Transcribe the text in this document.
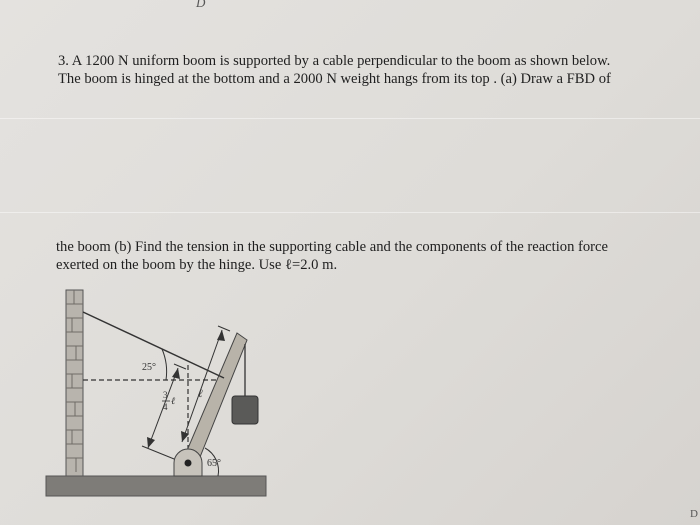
D
D

3. A 1200 N uniform boom is supported by a cable perpendicular to the boom as shown below.

The boom is hinged at the bottom and a 2000 N weight hangs from its top . (a) Draw a FBD of

the boom (b) Find the tension in the supporting cable and the components of the reaction force

exerted on the boom by the hinge. Use ℓ=2.0 m.

25°
ℓ
3
4 ℓ
65°
